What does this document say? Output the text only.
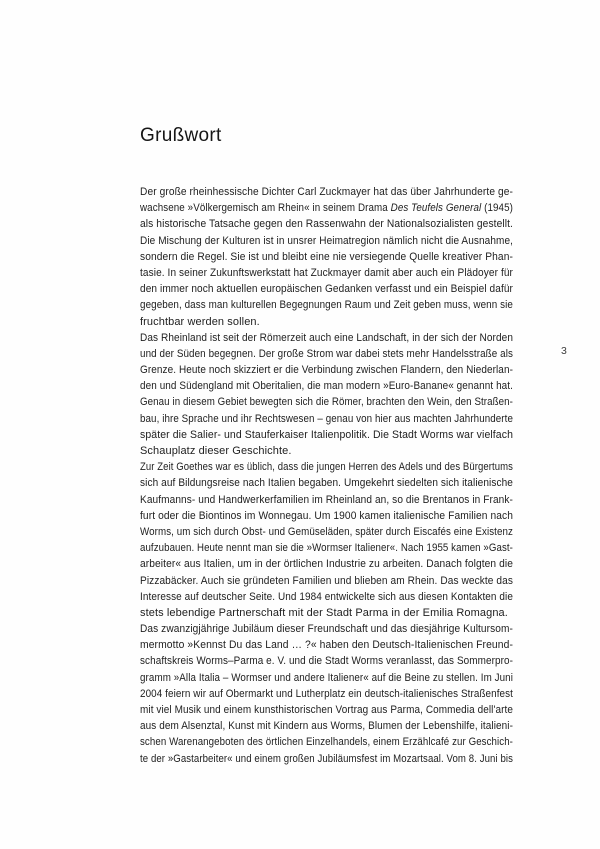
Grußwort
Der große rheinhessische Dichter Carl Zuckmayer hat das über Jahrhunderte ge-
wachsene »Völkergemisch am Rhein« in seinem Drama Des Teufels General (1945)
als historische Tatsache gegen den Rassenwahn der Nationalsozialisten gestellt.
Die Mischung der Kulturen ist in unsrer Heimatregion nämlich nicht die Ausnahme,
sondern die Regel. Sie ist und bleibt eine nie versiegende Quelle kreativer Phan-
tasie. In seiner Zukunftswerkstatt hat Zuckmayer damit aber auch ein Plädoyer für
den immer noch aktuellen europäischen Gedanken verfasst und ein Beispiel dafür
gegeben, dass man kulturellen Begegnungen Raum und Zeit geben muss, wenn sie
fruchtbar werden sollen.
Das Rheinland ist seit der Römerzeit auch eine Landschaft, in der sich der Norden
und der Süden begegnen. Der große Strom war dabei stets mehr Handelsstraße als
Grenze. Heute noch skizziert er die Verbindung zwischen Flandern, den Niederlan-
den und Südengland mit Oberitalien, die man modern »Euro-Banane« genannt hat.
Genau in diesem Gebiet bewegten sich die Römer, brachten den Wein, den Straßen-
bau, ihre Sprache und ihr Rechtswesen – genau von hier aus machten Jahrhunderte
später die Salier- und Stauferkaiser Italienpolitik. Die Stadt Worms war vielfach
Schauplatz dieser Geschichte.
Zur Zeit Goethes war es üblich, dass die jungen Herren des Adels und des Bürgertums
sich auf Bildungsreise nach Italien begaben. Umgekehrt siedelten sich italienische
Kaufmanns- und Handwerkerfamilien im Rheinland an, so die Brentanos in Frank-
furt oder die Biontinos im Wonnegau. Um 1900 kamen italienische Familien nach
Worms, um sich durch Obst- und Gemüseläden, später durch Eiscafés eine Existenz
aufzubauen. Heute nennt man sie die »Wormser Italiener«. Nach 1955 kamen »Gast-
arbeiter« aus Italien, um in der örtlichen Industrie zu arbeiten. Danach folgten die
Pizzabäcker. Auch sie gründeten Familien und blieben am Rhein. Das weckte das
Interesse auf deutscher Seite. Und 1984 entwickelte sich aus diesen Kontakten die
stets lebendige Partnerschaft mit der Stadt Parma in der Emilia Romagna.
Das zwanzigjährige Jubiläum dieser Freundschaft und das diesjährige Kultursom-
mermotto »Kennst Du das Land … ?« haben den Deutsch-Italienischen Freund-
schaftskreis Worms–Parma e. V. und die Stadt Worms veranlasst, das Sommerpro-
gramm »Alla Italia – Wormser und andere Italiener« auf die Beine zu stellen. Im Juni
2004 feiern wir auf Obermarkt und Lutherplatz ein deutsch-italienisches Straßenfest
mit viel Musik und einem kunsthistorischen Vortrag aus Parma, Commedia dell'arte
aus dem Alsenztal, Kunst mit Kindern aus Worms, Blumen der Lebenshilfe, italieni-
schen Warenangeboten des örtlichen Einzelhandels, einem Erzählcafé zur Geschich-
te der »Gastarbeiter« und einem großen Jubiläumsfest im Mozartsaal. Vom 8. Juni bis
3
